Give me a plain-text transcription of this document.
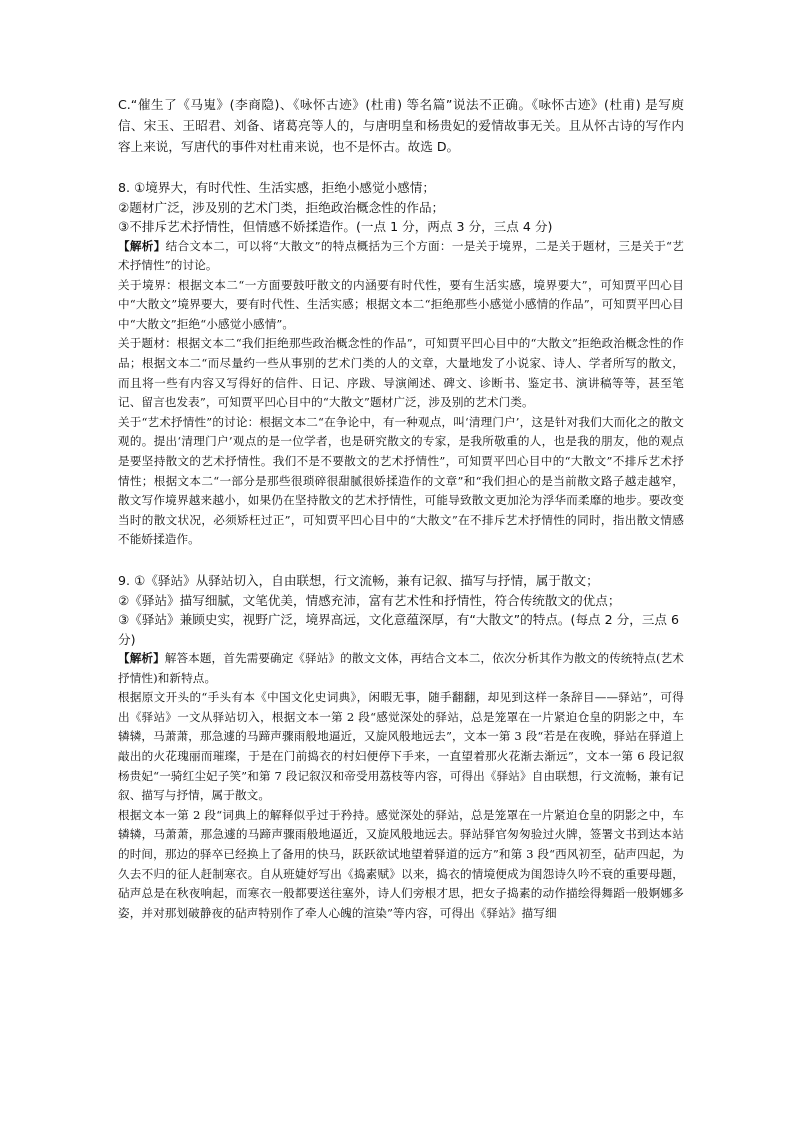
C.“催生了《马嵬》(李商隐)、《咏怀古迹》(杜甫) 等名篇”说法不正确。《咏怀古迹》(杜甫) 是写庾信、宋玉、王昭君、刘备、诸葛亮等人的，与唐明皇和杨贵妃的爱情故事无关。且从怀古诗的写作内容上来说，写唐代的事件对杜甫来说，也不是怀古。故选 D。

8. ①境界大，有时代性、生活实感，拒绝小感觉小感情；

②题材广泛，涉及别的艺术门类，拒绝政治概念性的作品；

③不排斥艺术抒情性，但情感不娇揉造作。(一点 1 分，两点 3 分，三点 4 分)

【解析】结合文本二，可以将“大散文”的特点概括为三个方面：一是关于境界，二是关于题材，三是关于“艺术抒情性”的讨论。

关于境界：根据文本二“一方面要鼓吁散文的内涵要有时代性，要有生活实感，境界要大”，可知贾平凹心目中“大散文”境界要大，要有时代性、生活实感；根据文本二“拒绝那些小感觉小感情的作品”，可知贾平凹心目中“大散文”拒绝“小感觉小感情”。

关于题材：根据文本二“我们拒绝那些政治概念性的作品”，可知贾平凹心目中的“大散文”拒绝政治概念性的作品；根据文本二“而尽量约一些从事别的艺术门类的人的文章，大量地发了小说家、诗人、学者所写的散文，而且将一些有内容又写得好的信件、日记、序跋、导演阐述、碑文、诊断书、鉴定书、演讲稿等等，甚至笔记、留言也发表”，可知贾平凹心目中的“大散文”题材广泛，涉及别的艺术门类。

关于“艺术抒情性”的讨论：根据文本二“在争论中，有一种观点，叫‘清理门户’，这是针对我们大而化之的散文观的。提出‘清理门户’观点的是一位学者，也是研究散文的专家，是我所敬重的人，也是我的朋友，他的观点是要坚持散文的艺术抒情性。我们不是不要散文的艺术抒情性”，可知贾平凹心目中的“大散文”不排斥艺术抒情性；根据文本二“一部分是那些很琐碎很甜腻很娇揉造作的文章”和“我们担心的是当前散文路子越走越窄，散文写作境界越来越小，如果仍在坚持散文的艺术抒情性，可能导致散文更加沦为浮华而柔靡的地步。要改变当时的散文状况，必须矫枉过正”，可知贾平凹心目中的“大散文”在不排斥艺术抒情性的同时，指出散文情感不能娇揉造作。

9. ①《驿站》从驿站切入，自由联想，行文流畅，兼有记叙、描写与抒情，属于散文；

②《驿站》描写细腻，文笔优美，情感充沛，富有艺术性和抒情性，符合传统散文的优点；

③《驿站》兼顾史实，视野广泛，境界高远，文化意蕴深厚，有“大散文”的特点。(每点 2 分，三点 6 分)

【解析】解答本题，首先需要确定《驿站》的散文文体，再结合文本二，依次分析其作为散文的传统特点(艺术抒情性)和新特点。

根据原文开头的“手头有本《中国文化史词典》，闲暇无事，随手翻翻，却见到这样一条辞目——驿站”，可得出《驿站》一文从驿站切入，根据文本一第 2 段“感觉深处的驿站，总是笼罩在一片紧迫仓皇的阴影之中，车辚辚，马萧萧，那急遽的马蹄声骤雨般地逼近，又旋风般地远去”，文本一第 3 段“若是在夜晚，驿站在驿道上敲出的火花瑰丽而璀璨，于是在门前捣衣的村妇便停下手来，一直望着那火花渐去渐远”，文本一第 6 段记叙杨贵妃“一骑红尘妃子笑”和第 7 段记叙汉和帝受用荔枝等内容，可得出《驿站》自由联想，行文流畅，兼有记叙、描写与抒情，属于散文。

根据文本一第 2 段“词典上的解释似乎过于矜持。感觉深处的驿站，总是笼罩在一片紧迫仓皇的阴影之中，车辚辚，马萧萧，那急遽的马蹄声骤雨般地逼近，又旋风般地远去。驿站驿官匆匆验过火牌，签署文书到达本站的时间，那边的驿卒已经换上了备用的快马，跃跃欲试地望着驿道的远方”和第 3 段“西风初至，砧声四起，为久去不归的征人赶制寒衣。自从班婕妤写出《捣素赋》以来，捣衣的情境便成为闺怨诗久吟不衰的重要母题，砧声总是在秋夜响起，而寒衣一般都要送往塞外，诗人们旁根才思，把女子捣素的动作描绘得舞蹈一般婀娜多姿，并对那划破静夜的砧声特别作了牵人心魄的渲染”等内容，可得出《驿站》描写细
